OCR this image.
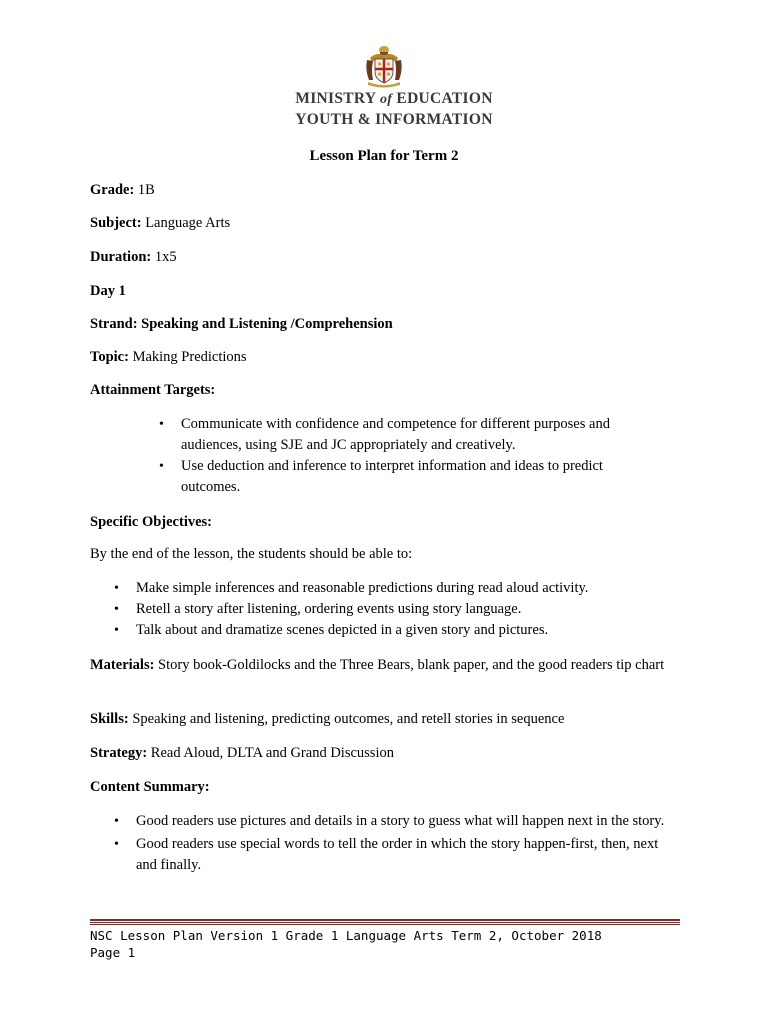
MINISTRY of EDUCATION
YOUTH & INFORMATION
Lesson Plan for Term 2
Grade: 1B
Subject: Language Arts
Duration: 1x5
Day 1
Strand: Speaking and Listening /Comprehension
Topic: Making Predictions
Attainment Targets:
• Communicate with confidence and competence for different purposes and audiences, using SJE and JC appropriately and creatively.
• Use deduction and inference to interpret information and ideas to predict outcomes.
Specific Objectives:
By the end of the lesson, the students should be able to:
• Make simple inferences and reasonable predictions during read aloud activity.
• Retell a story after listening, ordering events using story language.
• Talk about and dramatize scenes depicted in a given story and pictures.
Materials: Story book-Goldilocks and the Three Bears, blank paper, and the good readers tip chart
Skills: Speaking and listening, predicting outcomes, and retell stories in sequence
Strategy: Read Aloud, DLTA and Grand Discussion
Content Summary:
• Good readers use pictures and details in a story to guess what will happen next in the story.
• Good readers use special words to tell the order in which the story happen-first, then, next and finally.
NSC Lesson Plan Version 1 Grade 1 Language Arts Term 2, October 2018
Page 1
